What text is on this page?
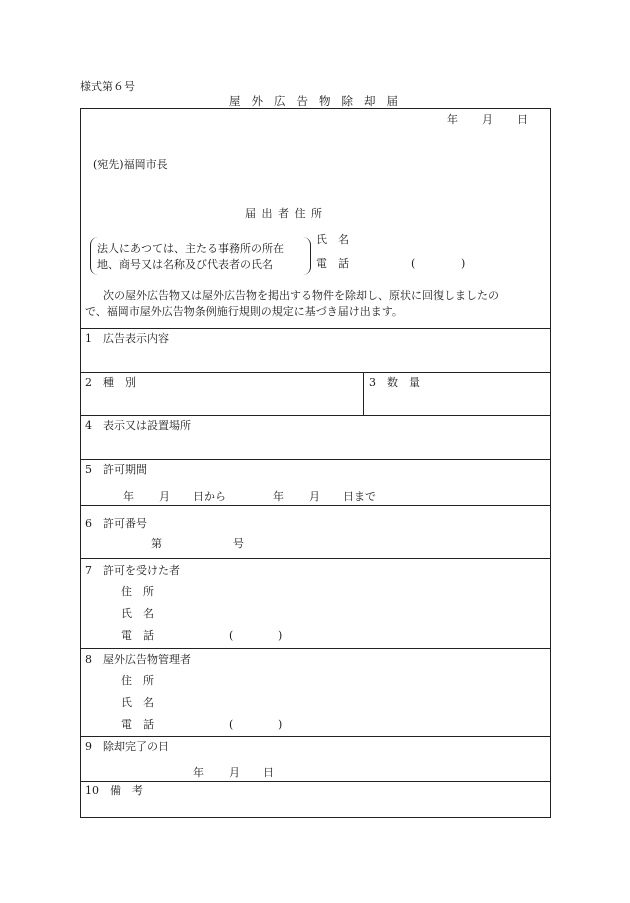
様式第６号
屋外広告物除却届
年 月 日
(宛先)福岡市長
届 出 者 住 所
氏　名
電　話	(	)
法人にあつては、主たる事務所の所在
地、商号又は名称及び代表者の氏名
次の屋外広告物又は屋外広告物を掲出する物件を除却し、原状に回復しましたの
で、福岡市屋外広告物条例施行規則の規定に基づき届け出ます。
1　広告表示内容
2　種　別	3　数　量
4　表示又は設置場所
5　許可期間
年 月 日から	年 月 日まで
6　許可番号
第	号
7　許可を受けた者
住　所
氏　名
電　話	(	)
8　屋外広告物管理者
住　所
氏　名
電　話	(	)
9　除却完了の日
年 月 日
10　備　考
